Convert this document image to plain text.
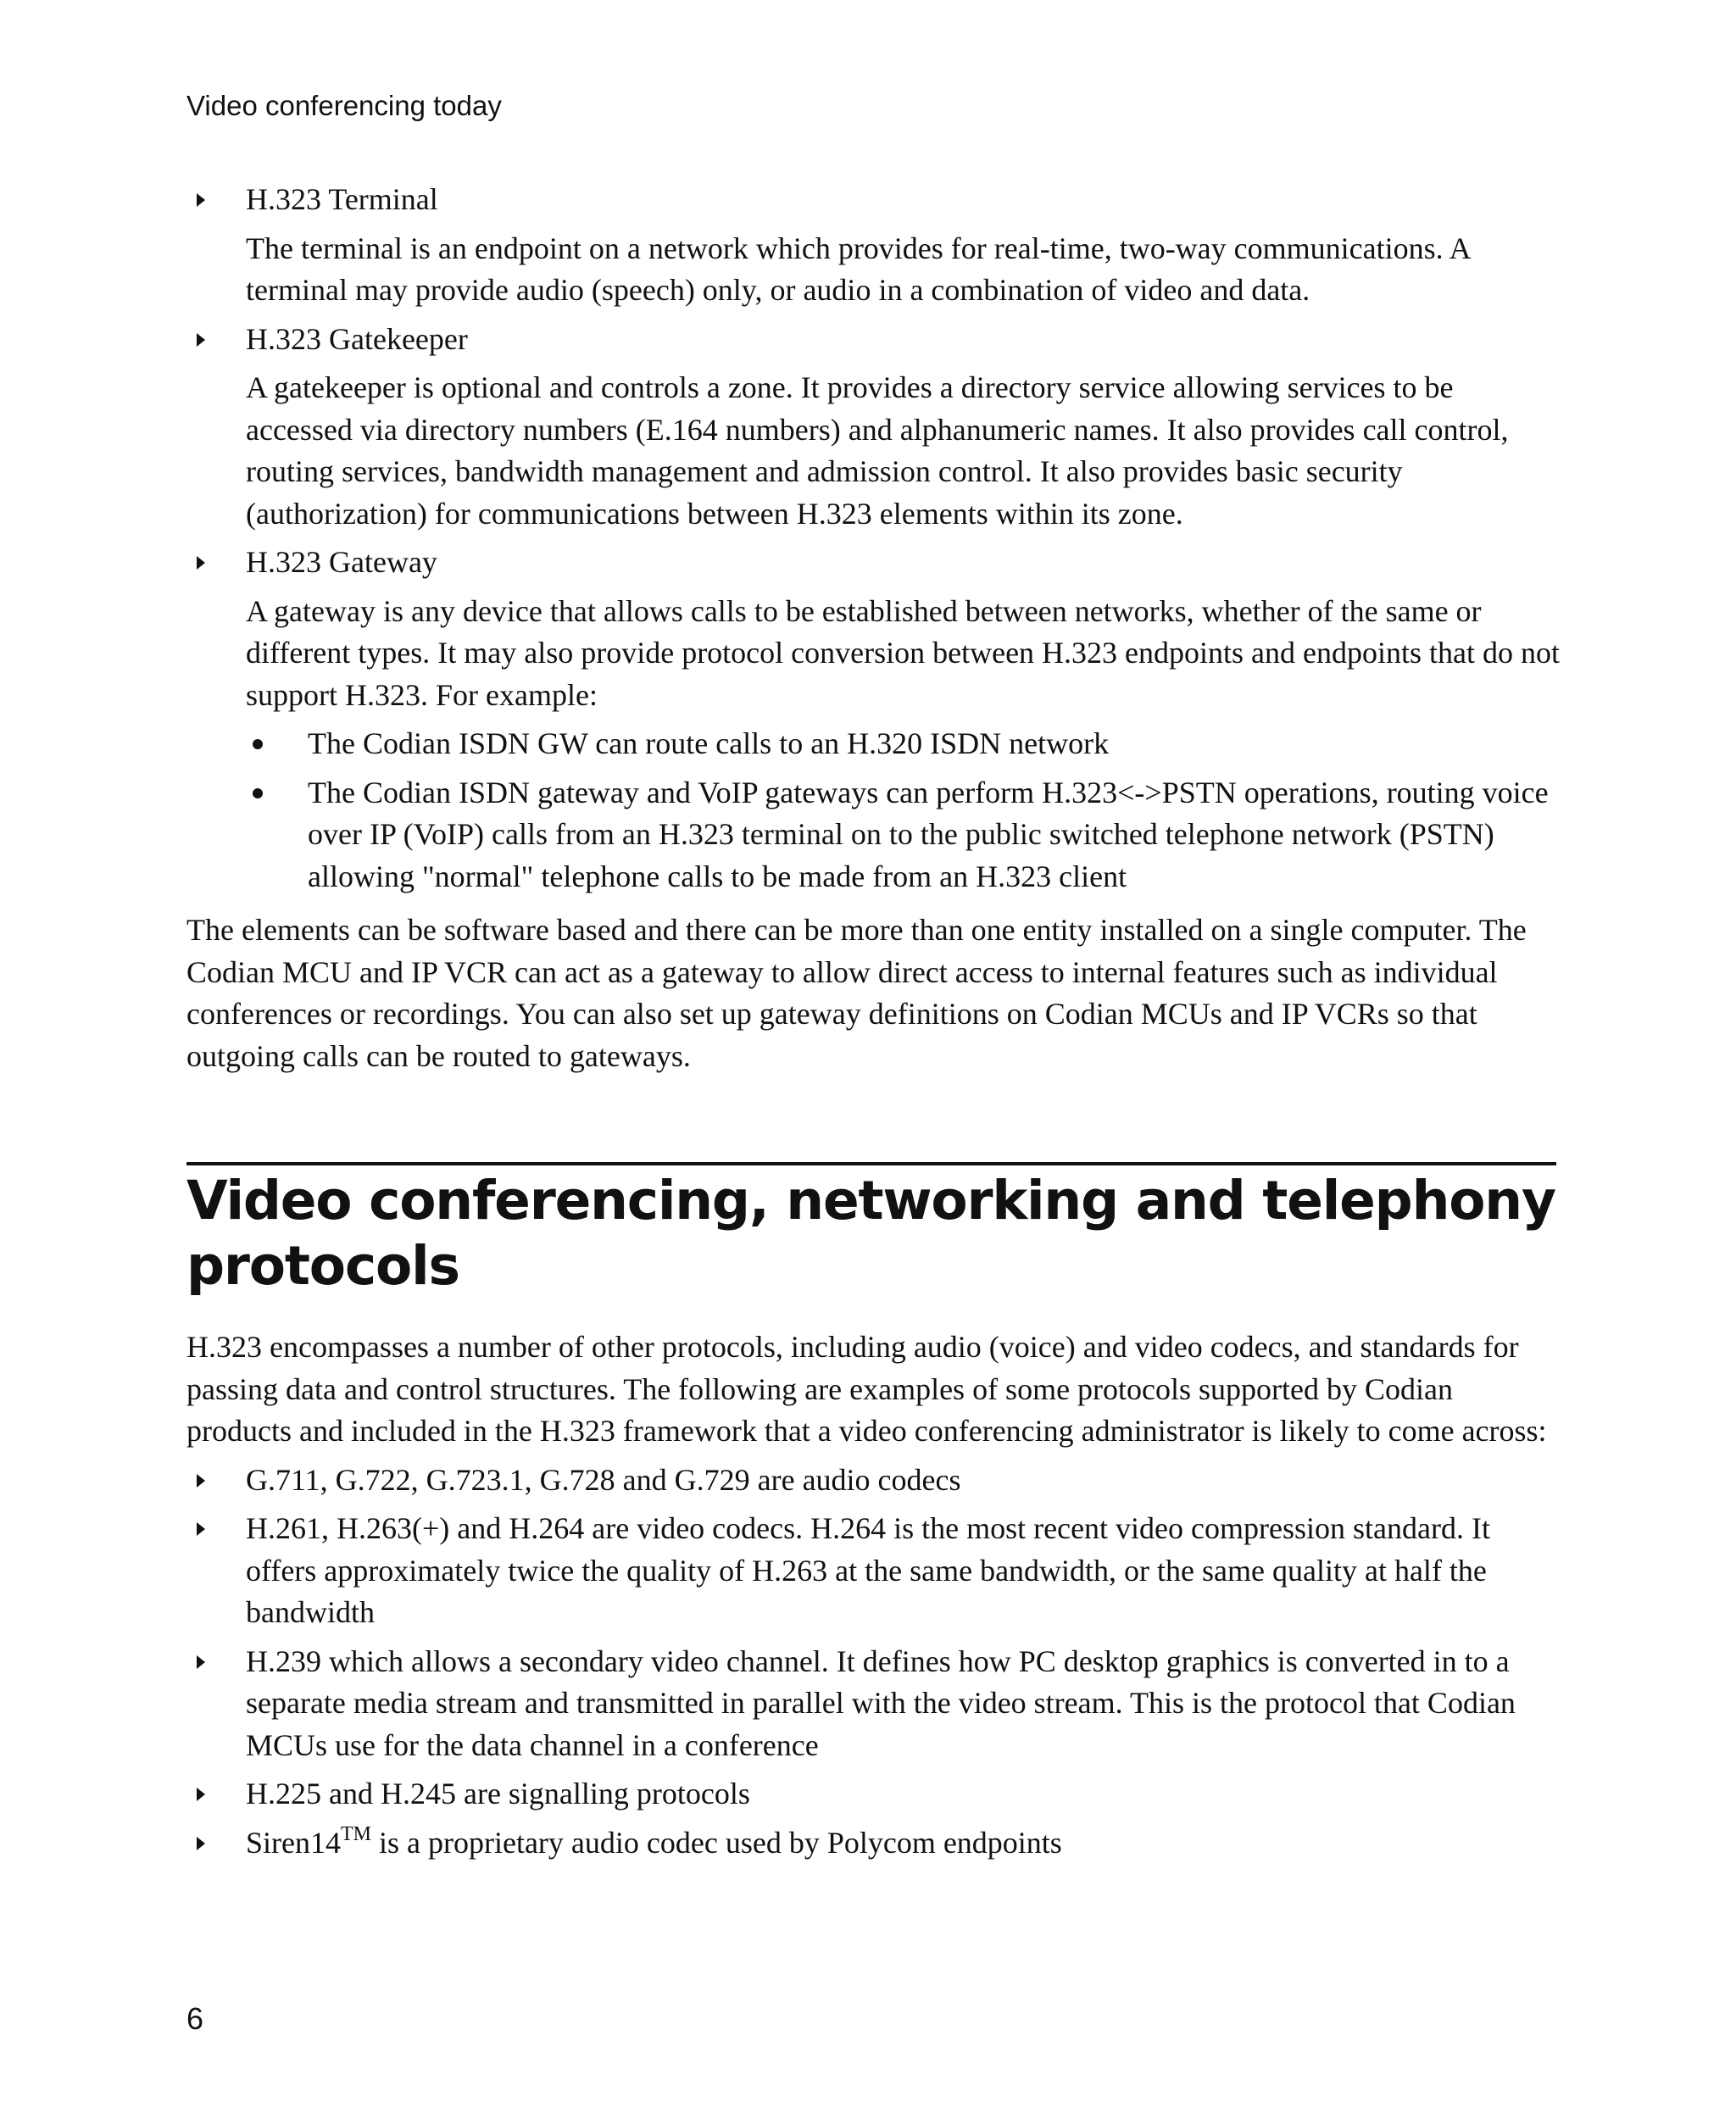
Video conferencing today

H.323 Terminal

The terminal is an endpoint on a network which provides for real-time, two-way communications. A terminal may provide audio (speech) only, or audio in a combination of video and data.

H.323 Gatekeeper

A gatekeeper is optional and controls a zone. It provides a directory service allowing services to be accessed via directory numbers (E.164 numbers) and alphanumeric names. It also provides call control, routing services, bandwidth management and admission control. It also provides basic security (authorization) for communications between H.323 elements within its zone.

H.323 Gateway

A gateway is any device that allows calls to be established between networks, whether of the same or different types. It may also provide protocol conversion between H.323 endpoints and endpoints that do not support H.323. For example:

The Codian ISDN GW can route calls to an H.320 ISDN network
The Codian ISDN gateway and VoIP gateways can perform H.323<->PSTN operations, routing voice over IP (VoIP) calls from an H.323 terminal on to the public switched telephone network (PSTN) allowing "normal" telephone calls to be made from an H.323 client

The elements can be software based and there can be more than one entity installed on a single computer. The Codian MCU and IP VCR can act as a gateway to allow direct access to internal features such as individual conferences or recordings. You can also set up gateway definitions on Codian MCUs and IP VCRs so that outgoing calls can be routed to gateways.

Video conferencing, networking and telephony protocols

H.323 encompasses a number of other protocols, including audio (voice) and video codecs, and standards for passing data and control structures. The following are examples of some protocols supported by Codian products and included in the H.323 framework that a video conferencing administrator is likely to come across:

G.711, G.722, G.723.1, G.728 and G.729 are audio codecs

H.261, H.263(+) and H.264 are video codecs. H.264 is the most recent video compression standard. It offers approximately twice the quality of H.263 at the same bandwidth, or the same quality at half the bandwidth

H.239 which allows a secondary video channel. It defines how PC desktop graphics is converted in to a separate media stream and transmitted in parallel with the video stream. This is the protocol that Codian MCUs use for the data channel in a conference

H.225 and H.245 are signalling protocols

Siren14™ is a proprietary audio codec used by Polycom endpoints

6
